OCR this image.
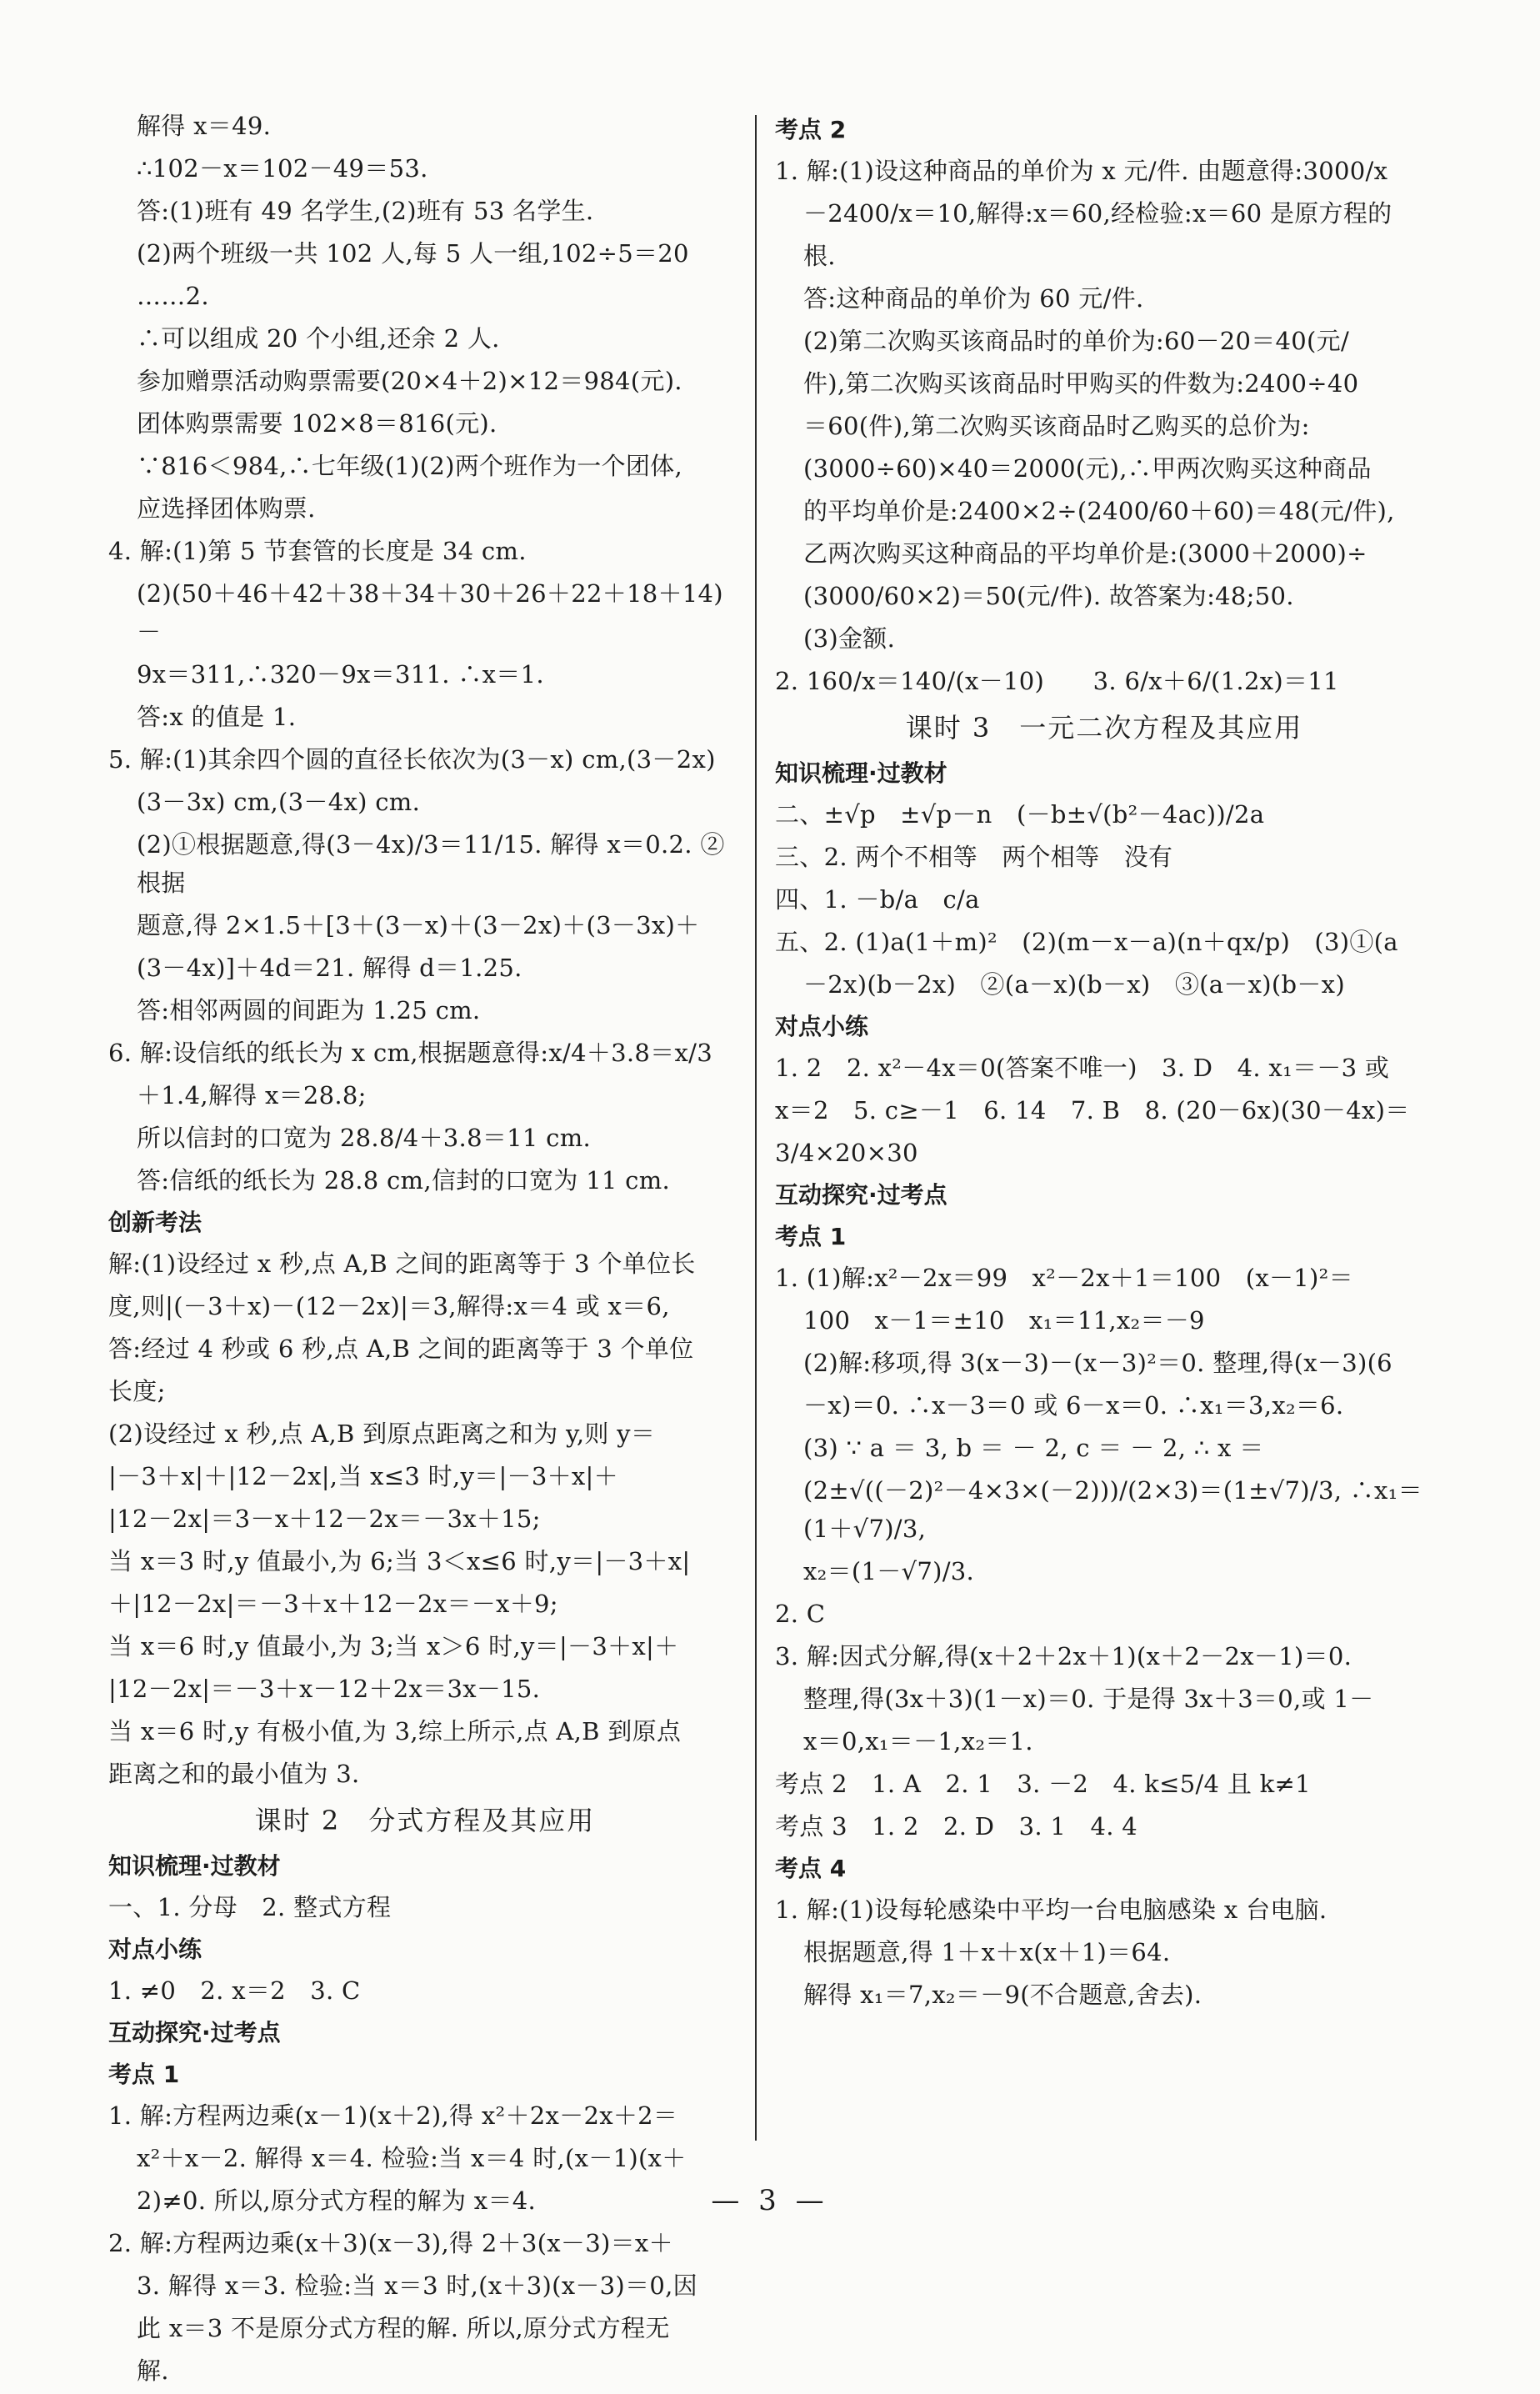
解得 x＝49.
∴102－x＝102－49＝53.
答:(1)班有 49 名学生,(2)班有 53 名学生.
(2)两个班级一共 102 人,每 5 人一组,102÷5＝20
……2.
∴可以组成 20 个小组,还余 2 人.
参加赠票活动购票需要(20×4＋2)×12＝984(元).
团体购票需要 102×8＝816(元).
∵816＜984,∴七年级(1)(2)两个班作为一个团体,
应选择团体购票.
4. 解:(1)第 5 节套管的长度是 34 cm.
(2)(50＋46＋42＋38＋34＋30＋26＋22＋18＋14)－
9x＝311,∴320－9x＝311. ∴x＝1.
答:x 的值是 1.
5. 解:(1)其余四个圆的直径长依次为(3－x) cm,(3－2x)
(3－3x) cm,(3－4x) cm.
(2)①根据题意,得(3－4x)/3＝11/15. 解得 x＝0.2. ②根据
题意,得 2×1.5＋[3＋(3－x)＋(3－2x)＋(3－3x)＋
(3－4x)]＋4d＝21. 解得 d＝1.25.
答:相邻两圆的间距为 1.25 cm.
6. 解:设信纸的纸长为 x cm,根据题意得:x/4＋3.8＝x/3
＋1.4,解得 x＝28.8;
所以信封的口宽为 28.8/4＋3.8＝11 cm.
答:信纸的纸长为 28.8 cm,信封的口宽为 11 cm.
创新考法
解:(1)设经过 x 秒,点 A,B 之间的距离等于 3 个单位长
度,则|(－3＋x)－(12－2x)|＝3,解得:x＝4 或 x＝6,
答:经过 4 秒或 6 秒,点 A,B 之间的距离等于 3 个单位
长度;
(2)设经过 x 秒,点 A,B 到原点距离之和为 y,则 y＝
|－3＋x|＋|12－2x|,当 x≤3 时,y＝|－3＋x|＋
|12－2x|＝3－x＋12－2x＝－3x＋15;
当 x＝3 时,y 值最小,为 6;当 3＜x≤6 时,y＝|－3＋x|
＋|12－2x|＝－3＋x＋12－2x＝－x＋9;
当 x＝6 时,y 值最小,为 3;当 x＞6 时,y＝|－3＋x|＋
|12－2x|＝－3＋x－12＋2x＝3x－15.
当 x＝6 时,y 有极小值,为 3,综上所示,点 A,B 到原点
距离之和的最小值为 3.
课时 2　分式方程及其应用
知识梳理·过教材
一、1. 分母　2. 整式方程
对点小练
1. ≠0　2. x＝2　3. C
互动探究·过考点
考点 1
1. 解:方程两边乘(x－1)(x＋2),得 x²＋2x－2x＋2＝
x²＋x－2. 解得 x＝4. 检验:当 x＝4 时,(x－1)(x＋
2)≠0. 所以,原分式方程的解为 x＝4.
2. 解:方程两边乘(x＋3)(x－3),得 2＋3(x－3)＝x＋
3. 解得 x＝3. 检验:当 x＝3 时,(x＋3)(x－3)＝0,因
此 x＝3 不是原分式方程的解. 所以,原分式方程无
解.
考点 2
1. 解:(1)设这种商品的单价为 x 元/件. 由题意得:3000/x
－2400/x＝10,解得:x＝60,经检验:x＝60 是原方程的
根.
答:这种商品的单价为 60 元/件.
(2)第二次购买该商品时的单价为:60－20＝40(元/
件),第二次购买该商品时甲购买的件数为:2400÷40
＝60(件),第二次购买该商品时乙购买的总价为:
(3000÷60)×40＝2000(元),∴甲两次购买这种商品
的平均单价是:2400×2÷(2400/60＋60)＝48(元/件),
乙两次购买这种商品的平均单价是:(3000＋2000)÷
(3000/60×2)＝50(元/件). 故答案为:48;50.
(3)金额.
2. 160/x＝140/(x－10)　　3. 6/x＋6/(1.2x)＝11
课时 3　一元二次方程及其应用
知识梳理·过教材
二、±√p　±√p－n　(－b±√(b²－4ac))/2a
三、2. 两个不相等　两个相等　没有
四、1. －b/a　c/a
五、2. (1)a(1＋m)²　(2)(m－x－a)(n＋qx/p)　(3)①(a
－2x)(b－2x)　②(a－x)(b－x)　③(a－x)(b－x)
对点小练
1. 2　2. x²－4x＝0(答案不唯一)　3. D　4. x₁＝－3 或
x＝2　5. c≥－1　6. 14　7. B　8. (20－6x)(30－4x)＝
3/4×20×30
互动探究·过考点
考点 1
1. (1)解:x²－2x＝99　x²－2x＋1＝100　(x－1)²＝
100　x－1＝±10　x₁＝11,x₂＝－9
(2)解:移项,得 3(x－3)－(x－3)²＝0. 整理,得(x－3)(6
－x)＝0. ∴x－3＝0 或 6－x＝0. ∴x₁＝3,x₂＝6.
(3) ∵ a ＝ 3, b ＝ － 2, c ＝ － 2, ∴ x ＝
(2±√((－2)²－4×3×(－2)))/(2×3)＝(1±√7)/3, ∴x₁＝(1＋√7)/3,
x₂＝(1－√7)/3.
2. C
3. 解:因式分解,得(x＋2＋2x＋1)(x＋2－2x－1)＝0.
整理,得(3x＋3)(1－x)＝0. 于是得 3x＋3＝0,或 1－
x＝0,x₁＝－1,x₂＝1.
考点 2　1. A　2. 1　3. －2　4. k≤5/4 且 k≠1
考点 3　1. 2　2. D　3. 1　4. 4
考点 4
1. 解:(1)设每轮感染中平均一台电脑感染 x 台电脑.
根据题意,得 1＋x＋x(x＋1)＝64.
解得 x₁＝7,x₂＝－9(不合题意,舍去).
— 3 —
